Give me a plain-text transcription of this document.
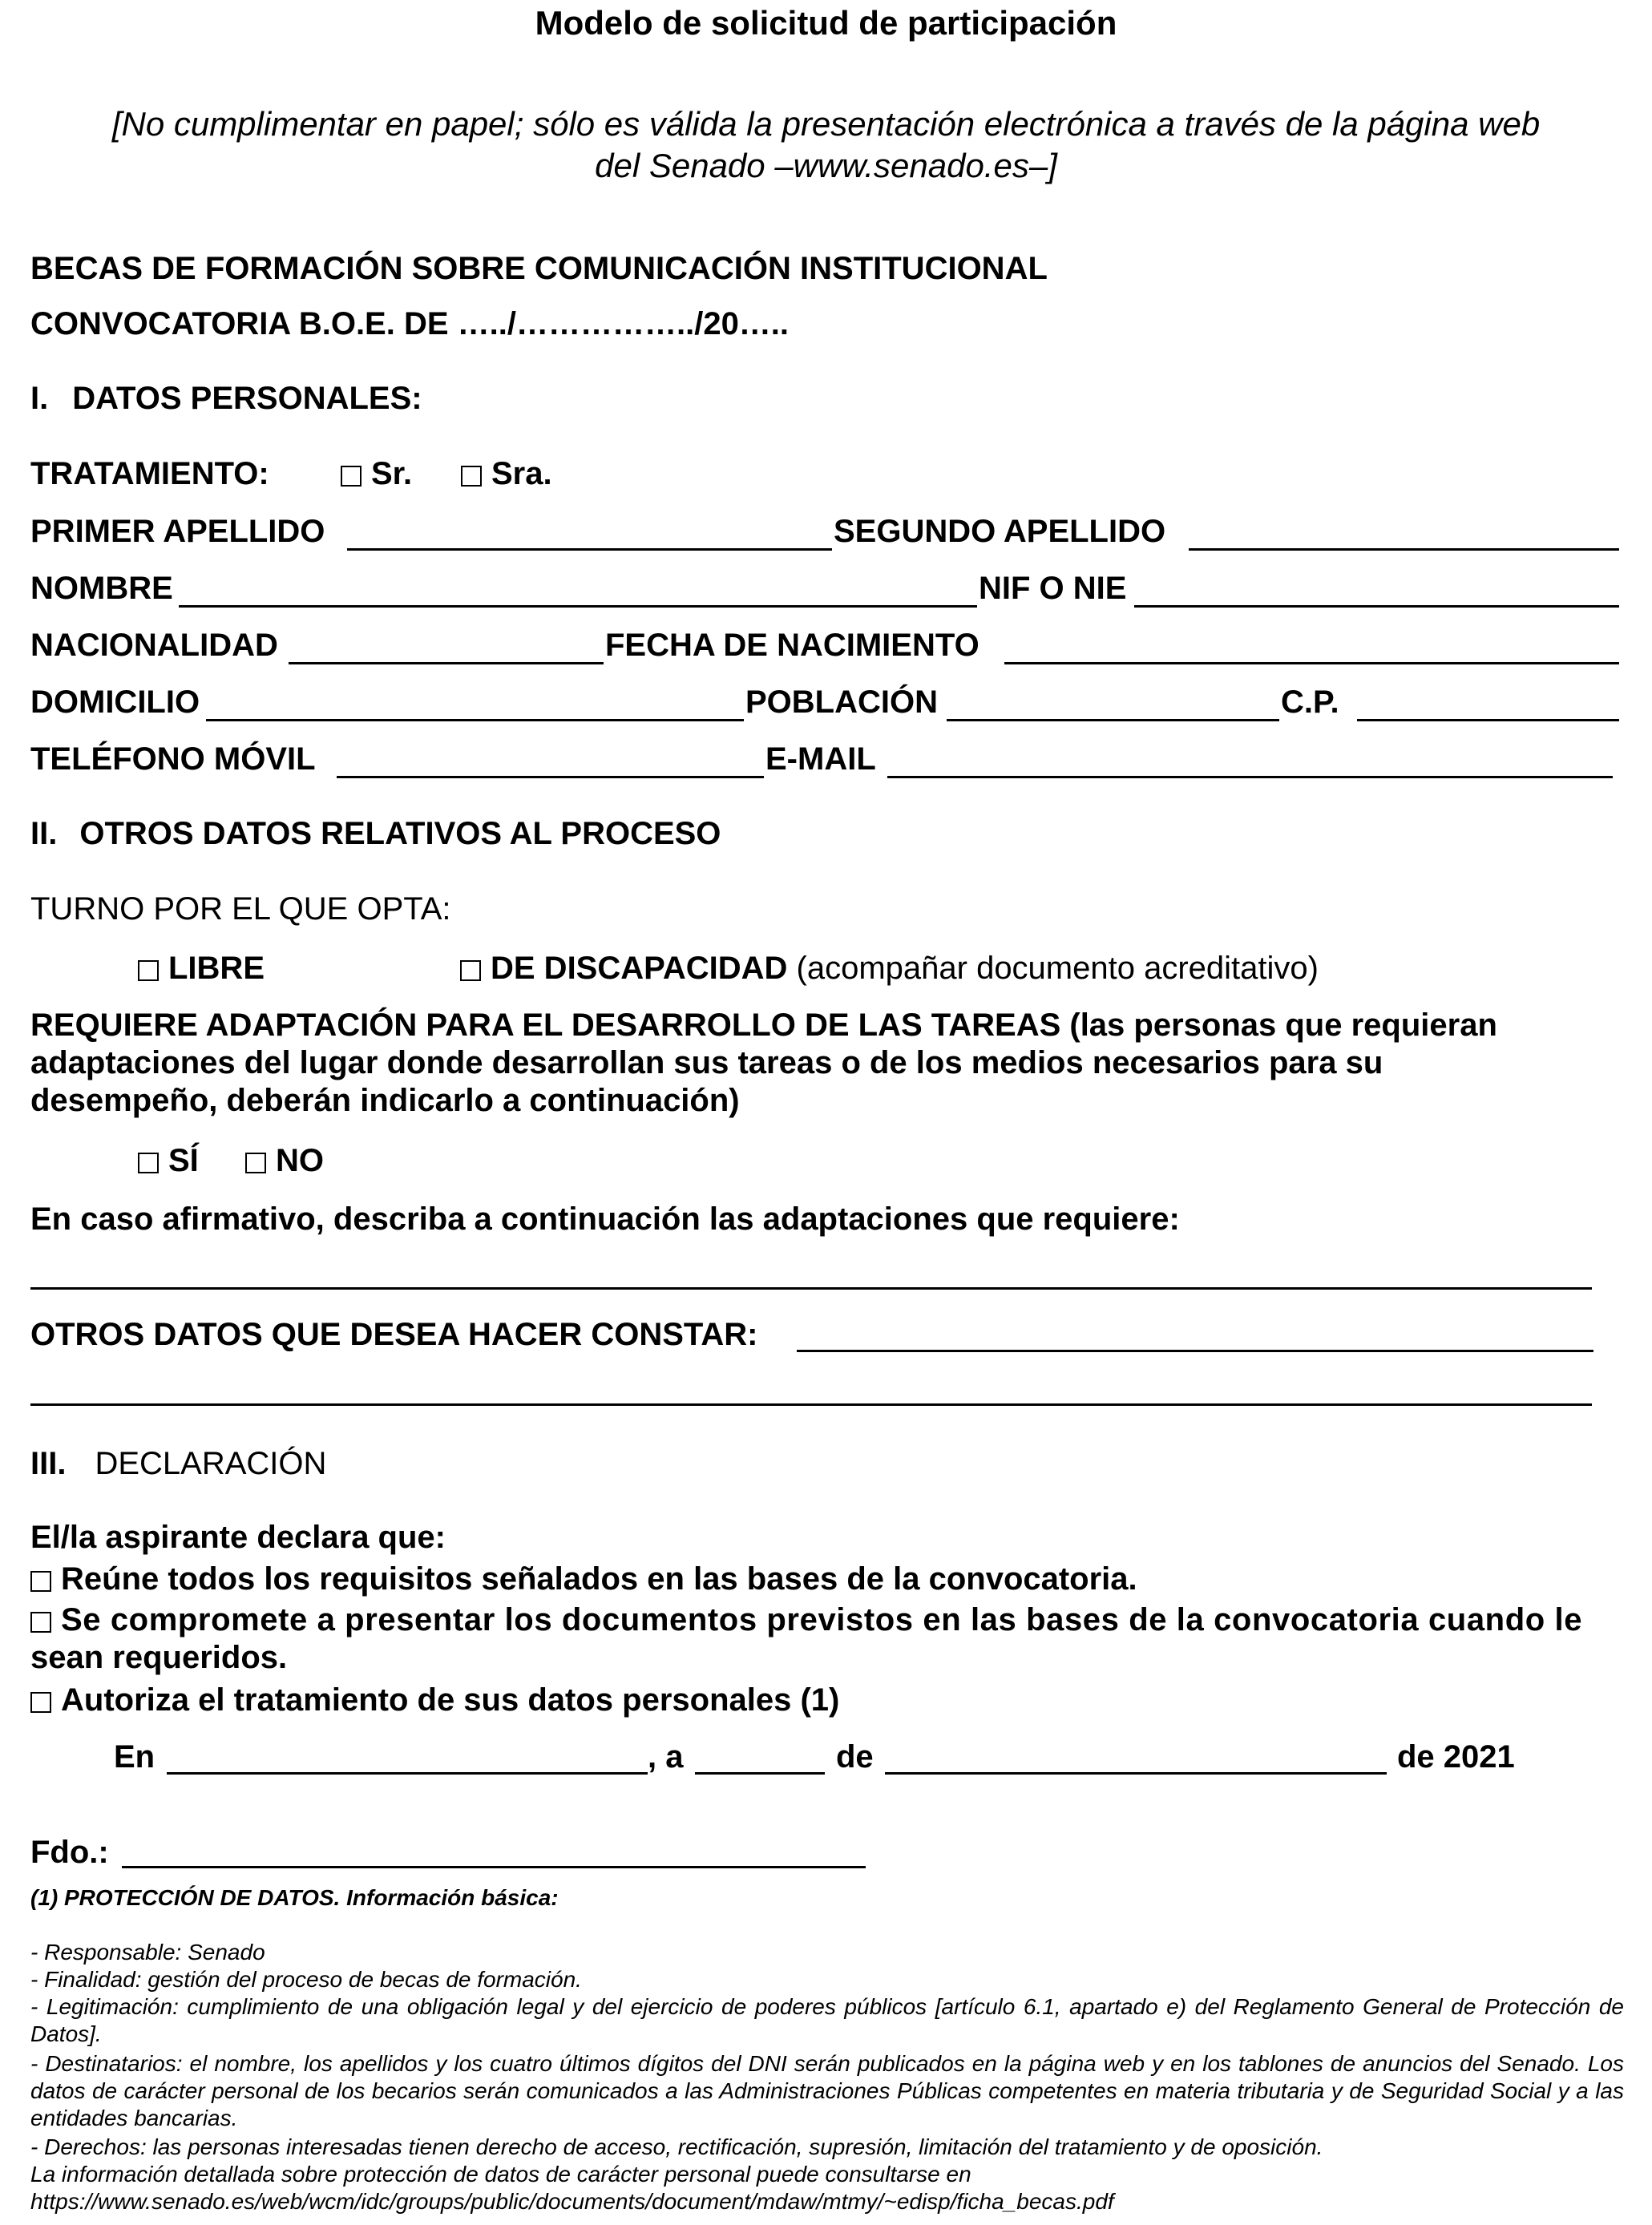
Modelo de solicitud de participación
[No cumplimentar en papel; sólo es válida la presentación electrónica a través de la página web
del Senado –www.senado.es–]
BECAS DE FORMACIÓN SOBRE COMUNICACIÓN INSTITUCIONAL
CONVOCATORIA B.O.E. DE …../……………../20…..
I. DATOS PERSONALES:
TRATAMIENTO:	Sr.	Sra.
PRIMER APELLIDO	SEGUNDO APELLIDO
NOMBRE	NIF O NIE
NACIONALIDAD	FECHA DE NACIMIENTO
DOMICILIO	POBLACIÓN	C.P.
TELÉFONO MÓVIL	E-MAIL
II. OTROS DATOS RELATIVOS AL PROCESO
TURNO POR EL QUE OPTA:
LIBRE	DE DISCAPACIDAD (acompañar documento acreditativo)
REQUIERE ADAPTACIÓN PARA EL DESARROLLO DE LAS TAREAS (las personas que requieran
adaptaciones del lugar donde desarrollan sus tareas o de los medios necesarios para su
desempeño, deberán indicarlo a continuación)
SÍ	NO
En caso afirmativo, describa a continuación las adaptaciones que requiere:
OTROS DATOS QUE DESEA HACER CONSTAR:
III. DECLARACIÓN
El/la aspirante declara que:
Reúne todos los requisitos señalados en las bases de la convocatoria.
Se compromete a presentar los documentos previstos en las bases de la convocatoria cuando le
sean requeridos.
Autoriza el tratamiento de sus datos personales (1)
En	, a	de	de 2021
Fdo.:
(1) PROTECCIÓN DE DATOS. Información básica:
- Responsable: Senado
- Finalidad: gestión del proceso de becas de formación.
- Legitimación: cumplimiento de una obligación legal y del ejercicio de poderes públicos [artículo 6.1, apartado e) del Reglamento General de Protección de Datos].
- Destinatarios: el nombre, los apellidos y los cuatro últimos dígitos del DNI serán publicados en la página web y en los tablones de anuncios del Senado. Los datos de carácter personal de los becarios serán comunicados a las Administraciones Públicas competentes en materia tributaria y de Seguridad Social y a las entidades bancarias.
- Derechos: las personas interesadas tienen derecho de acceso, rectificación, supresión, limitación del tratamiento y de oposición.
La información detallada sobre protección de datos de carácter personal puede consultarse en
https://www.senado.es/web/wcm/idc/groups/public/documents/document/mdaw/mtmy/~edisp/ficha_becas.pdf
